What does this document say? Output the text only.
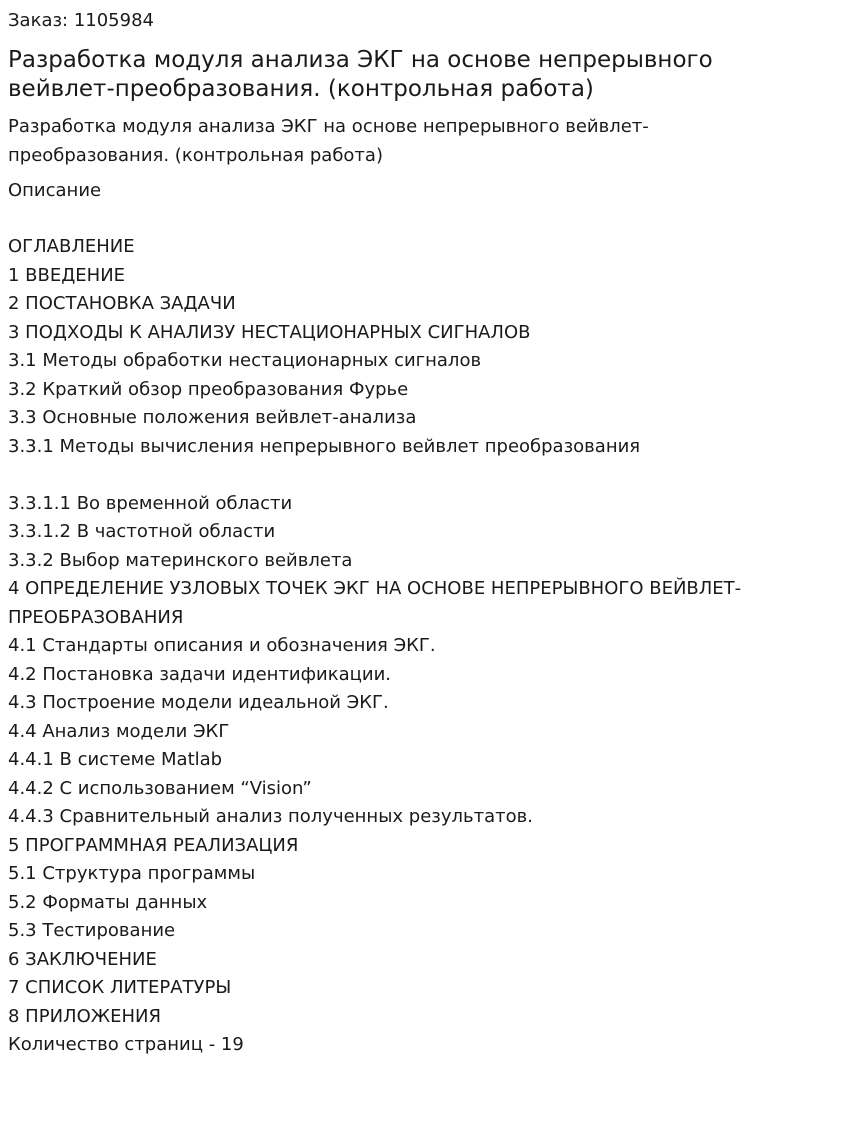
Заказ: 1105984
Разработка модуля анализа ЭКГ на основе непрерывного вейвлет-преобразования. (контрольная работа)
Разработка модуля анализа ЭКГ на основе непрерывного вейвлет-преобразования. (контрольная работа)
Описание
ОГЛАВЛЕНИЕ
1 ВВЕДЕНИЕ
2 ПОСТАНОВКА ЗАДАЧИ
3 ПОДХОДЫ К АНАЛИЗУ НЕСТАЦИОНАРНЫХ СИГНАЛОВ
3.1 Методы обработки нестационарных сигналов
3.2 Краткий обзор преобразования Фурье
3.3 Основные положения вейвлет-анализа
3.3.1 Методы вычисления непрерывного вейвлет преобразования
3.3.1.1 Во временной области
3.3.1.2 В частотной области
3.3.2 Выбор материнского вейвлета
4 ОПРЕДЕЛЕНИЕ УЗЛОВЫХ ТОЧЕК ЭКГ НА ОСНОВЕ НЕПРЕРЫВНОГО ВЕЙВЛЕТ-ПРЕОБРАЗОВАНИЯ
4.1 Стандарты описания и обозначения ЭКГ.
4.2 Постановка задачи идентификации.
4.3 Построение модели идеальной ЭКГ.
4.4 Анализ модели ЭКГ
4.4.1 В системе Matlab
4.4.2 С использованием “Vision”
4.4.3 Сравнительный анализ полученных результатов.
5 ПРОГРАММНАЯ РЕАЛИЗАЦИЯ
5.1 Структура программы
5.2 Форматы данных
5.3 Тестирование
6 ЗАКЛЮЧЕНИЕ
7 СПИСОК ЛИТЕРАТУРЫ
8 ПРИЛОЖЕНИЯ
Количество страниц - 19
